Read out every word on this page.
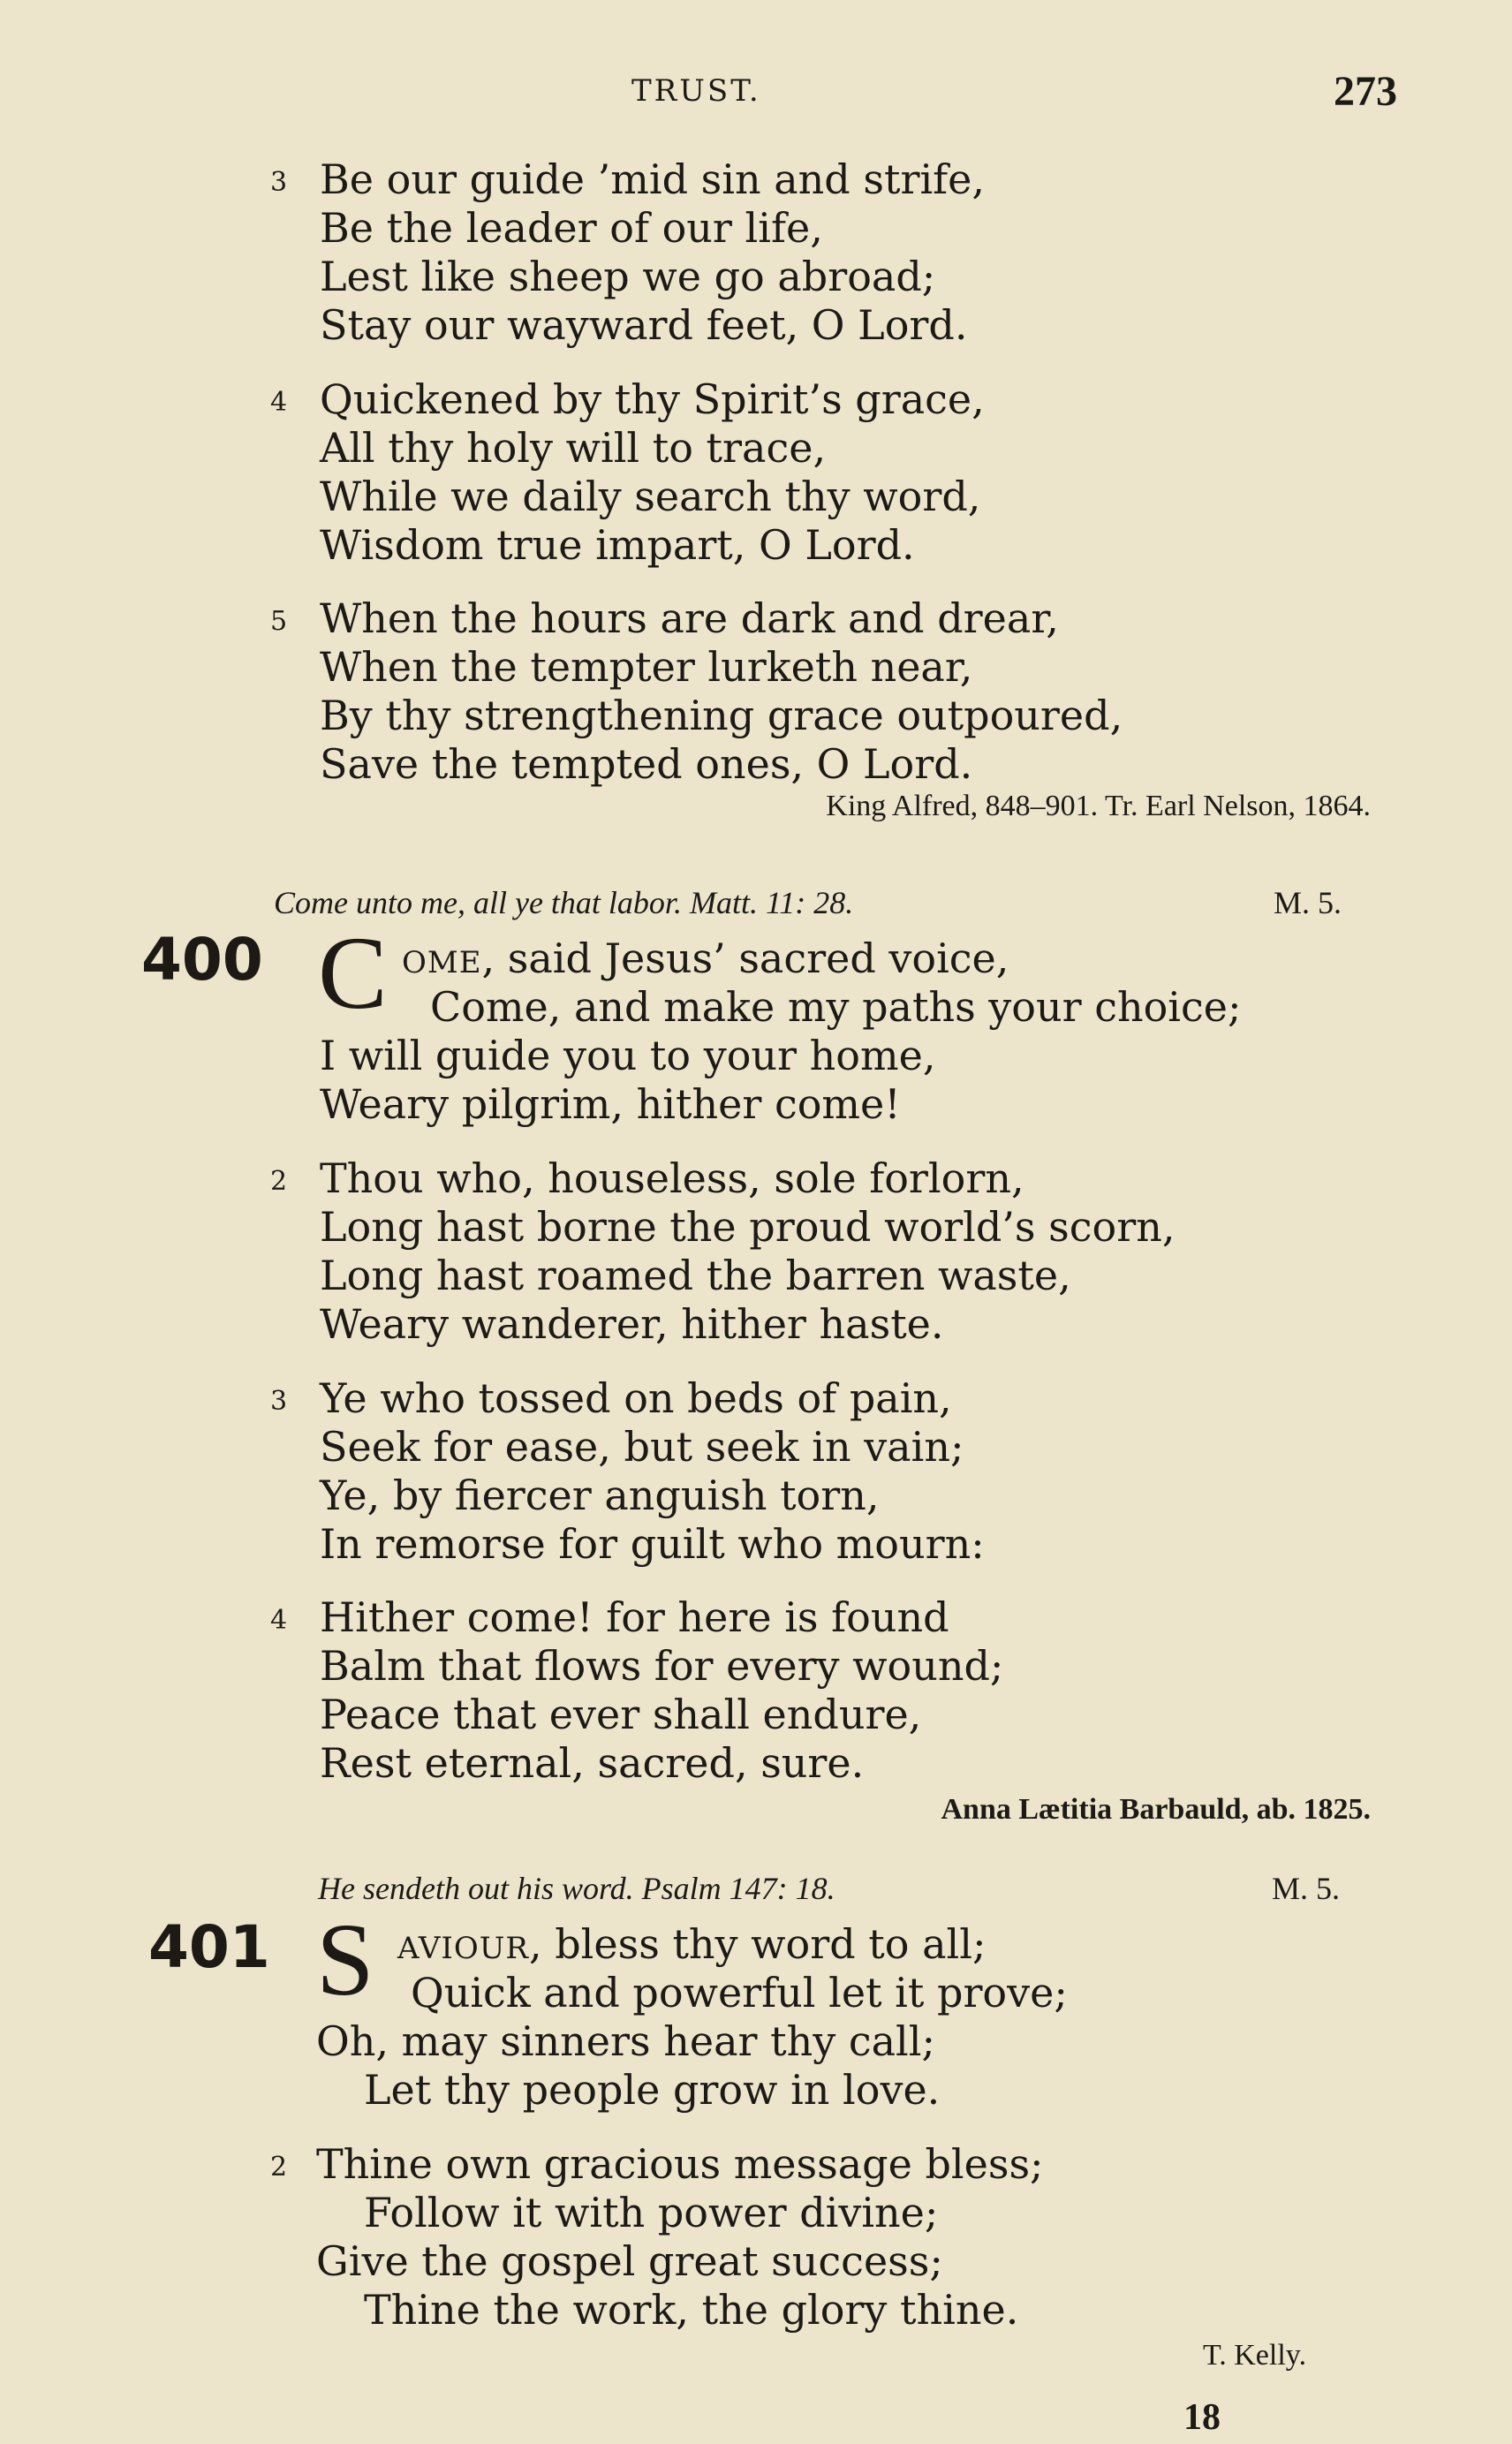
TRUST.	273
3 Be our guide ’mid sin and strife,
Be the leader of our life,
Lest like sheep we go abroad;
Stay our wayward feet, O Lord.
4 Quickened by thy Spirit’s grace,
All thy holy will to trace,
While we daily search thy word,
Wisdom true impart, O Lord.
5 When the hours are dark and drear,
When the tempter lurketh near,
By thy strengthening grace outpoured,
Save the tempted ones, O Lord.
King Alfred, 848–901. Tr. Earl Nelson, 1864.
Come unto me, all ye that labor. Matt. 11: 28.	M. 5.
400 C OME, said Jesus’ sacred voice,
Come, and make my paths your choice;
I will guide you to your home,
Weary pilgrim, hither come!
2 Thou who, houseless, sole forlorn,
Long hast borne the proud world’s scorn,
Long hast roamed the barren waste,
Weary wanderer, hither haste.
3 Ye who tossed on beds of pain,
Seek for ease, but seek in vain;
Ye, by fiercer anguish torn,
In remorse for guilt who mourn:
4 Hither come! for here is found
Balm that flows for every wound;
Peace that ever shall endure,
Rest eternal, sacred, sure.
Anna Lætitia Barbauld, ab. 1825.
He sendeth out his word. Psalm 147: 18.	M. 5.
401 S AVIOUR, bless thy word to all;
Quick and powerful let it prove;
Oh, may sinners hear thy call;
Let thy people grow in love.
2 Thine own gracious message bless;
Follow it with power divine;
Give the gospel great success;
Thine the work, the glory thine.
T. Kelly.
18
